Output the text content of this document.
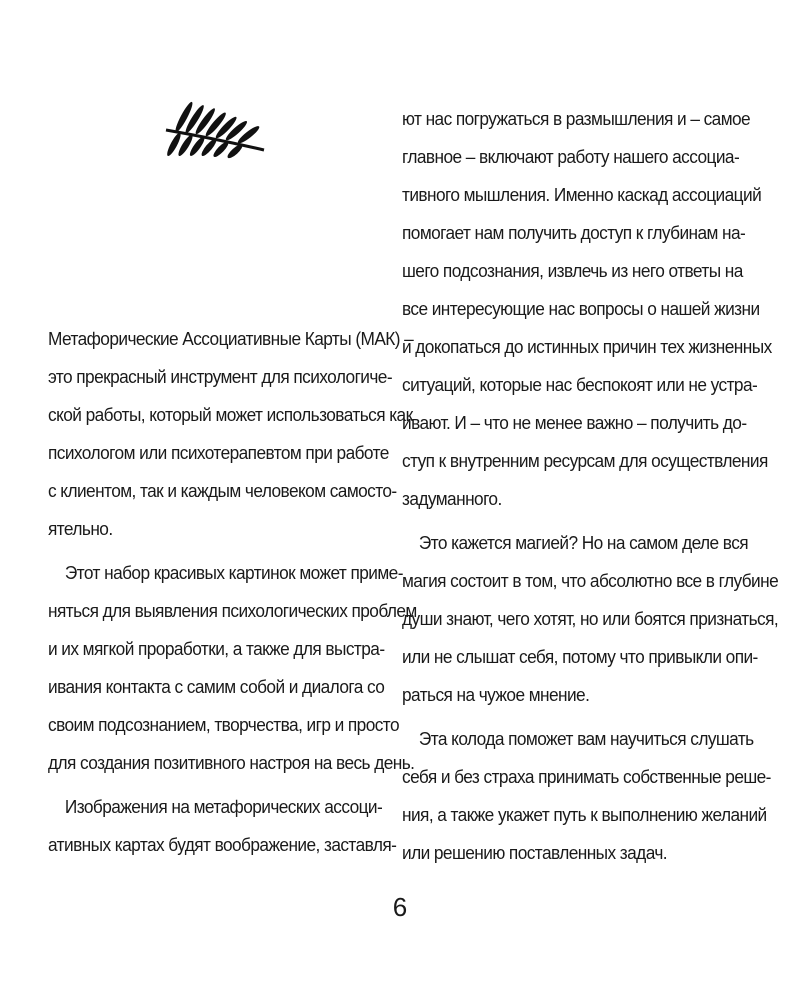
Метафорические Ассоциативные Карты (МАК) –
это прекрасный инструмент для психологиче-
ской работы, который может использоваться как
психологом или психотерапевтом при работе
с клиентом, так и каждым человеком самосто-
ятельно.
Этот набор красивых картинок может приме-
няться для выявления психологических проблем
и их мягкой проработки, а также для выстра-
ивания контакта с самим собой и диалога со
своим подсознанием, творчества, игр и просто
для создания позитивного настроя на весь день.
Изображения на метафорических ассоци-
ативных картах будят воображение, заставля-
ют нас погружаться в размышления и – самое
главное – включают работу нашего ассоциа-
тивного мышления. Именно каскад ассоциаций
помогает нам получить доступ к глубинам на-
шего подсознания, извлечь из него ответы на
все интересующие нас вопросы о нашей жизни
и докопаться до истинных причин тех жизненных
ситуаций, которые нас беспокоят или не устра-
ивают. И – что не менее важно – получить до-
ступ к внутренним ресурсам для осуществления
задуманного.
Это кажется магией? Но на самом деле вся
магия состоит в том, что абсолютно все в глубине
души знают, чего хотят, но или боятся признаться,
или не слышат себя, потому что привыкли опи-
раться на чужое мнение.
Эта колода поможет вам научиться слушать
себя и без страха принимать собственные реше-
ния, а также укажет путь к выполнению желаний
или решению поставленных задач.
6
